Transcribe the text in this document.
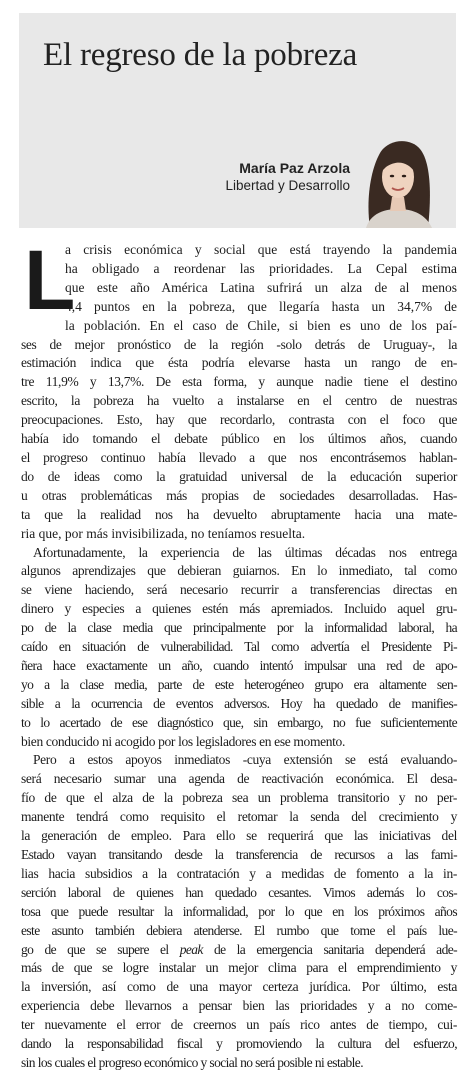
El regreso de la pobreza
María Paz Arzola
Libertad y Desarrollo

L
a crisis económica y social que está trayendo la pandemia
ha obligado a reordenar las prioridades. La Cepal estima
que este año América Latina sufrirá un alza de al menos
4,4 puntos en la pobreza, que llegaría hasta un 34,7% de
la población. En el caso de Chile, si bien es uno de los paí-
ses de mejor pronóstico de la región -solo detrás de Uruguay-, la
estimación indica que ésta podría elevarse hasta un rango de en-
tre 11,9% y 13,7%. De esta forma, y aunque nadie tiene el destino
escrito, la pobreza ha vuelto a instalarse en el centro de nuestras
preocupaciones. Esto, hay que recordarlo, contrasta con el foco que
había ido tomando el debate público en los últimos años, cuando
el progreso continuo había llevado a que nos encontrásemos hablan-
do de ideas como la gratuidad universal de la educación superior
u otras problemáticas más propias de sociedades desarrolladas. Has-
ta que la realidad nos ha devuelto abruptamente hacia una mate-
ria que, por más invisibilizada, no teníamos resuelta.

Afortunadamente, la experiencia de las últimas décadas nos entrega
algunos aprendizajes que debieran guiarnos. En lo inmediato, tal como
se viene haciendo, será necesario recurrir a transferencias directas en
dinero y especies a quienes estén más apremiados. Incluido aquel gru-
po de la clase media que principalmente por la informalidad laboral, ha
caído en situación de vulnerabilidad. Tal como advertía el Presidente Pi-
ñera hace exactamente un año, cuando intentó impulsar una red de apo-
yo a la clase media, parte de este heterogéneo grupo era altamente sen-
sible a la ocurrencia de eventos adversos. Hoy ha quedado de manifies-
to lo acertado de ese diagnóstico que, sin embargo, no fue suficientemente
bien conducido ni acogido por los legisladores en ese momento.

Pero a estos apoyos inmediatos -cuya extensión se está evaluando-
será necesario sumar una agenda de reactivación económica. El desa-
fío de que el alza de la pobreza sea un problema transitorio y no per-
manente tendrá como requisito el retomar la senda del crecimiento y
la generación de empleo. Para ello se requerirá que las iniciativas del
Estado vayan transitando desde la transferencia de recursos a las fami-
lias hacia subsidios a la contratación y a medidas de fomento a la in-
serción laboral de quienes han quedado cesantes. Vimos además lo cos-
tosa que puede resultar la informalidad, por lo que en los próximos años
este asunto también debiera atenderse. El rumbo que tome el país lue-
go de que se supere el peak de la emergencia sanitaria dependerá ade-
más de que se logre instalar un mejor clima para el emprendimiento y
la inversión, así como de una mayor certeza jurídica. Por último, esta
experiencia debe llevarnos a pensar bien las prioridades y a no come-
ter nuevamente el error de creernos un país rico antes de tiempo, cui-
dando la responsabilidad fiscal y promoviendo la cultura del esfuerzo,
sin los cuales el progreso económico y social no será posible ni estable.
